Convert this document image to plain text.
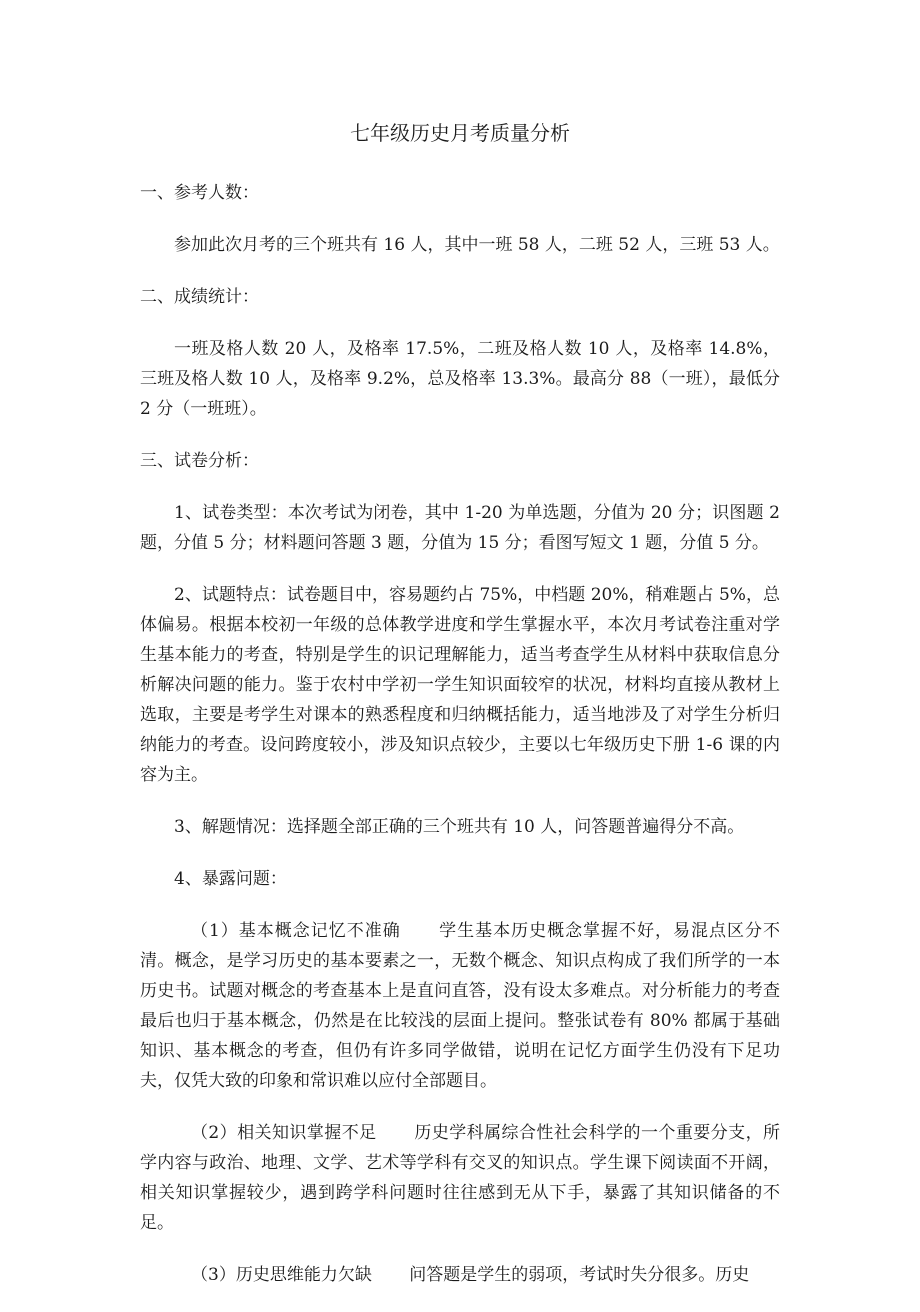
七年级历史月考质量分析
一、参考人数：

参加此次月考的三个班共有 16 人，其中一班 58 人，二班 52 人，三班 53 人。

二、成绩统计：

一班及格人数 20 人，及格率 17.5%，二班及格人数 10 人，及格率 14.8%，三班及格人数 10 人，及格率 9.2%，总及格率 13.3%。最高分 88（一班），最低分 2 分（一班班）。

三、试卷分析：

1、试卷类型：本次考试为闭卷，其中 1-20 为单选题，分值为 20 分；识图题 2 题，分值 5 分；材料题问答题 3 题，分值为 15 分；看图写短文 1 题，分值 5 分。

2、试题特点：试卷题目中，容易题约占 75%，中档题 20%，稍难题占 5%，总体偏易。根据本校初一年级的总体教学进度和学生掌握水平，本次月考试卷注重对学生基本能力的考查，特别是学生的识记理解能力，适当考查学生从材料中获取信息分析解决问题的能力。鉴于农村中学初一学生知识面较窄的状况，材料均直接从教材上选取，主要是考学生对课本的熟悉程度和归纳概括能力，适当地涉及了对学生分析归纳能力的考查。设问跨度较小，涉及知识点较少，主要以七年级历史下册 1-6 课的内容为主。

3、解题情况：选择题全部正确的三个班共有 10 人，问答题普遍得分不高。

4、暴露问题：

（1）基本概念记忆不准确 学生基本历史概念掌握不好，易混点区分不清。概念，是学习历史的基本要素之一，无数个概念、知识点构成了我们所学的一本历史书。试题对概念的考查基本上是直问直答，没有设太多难点。对分析能力的考查最后也归于基本概念，仍然是在比较浅的层面上提问。整张试卷有 80% 都属于基础知识、基本概念的考查，但仍有许多同学做错，说明在记忆方面学生仍没有下足功夫，仅凭大致的印象和常识难以应付全部题目。

（2）相关知识掌握不足 历史学科属综合性社会科学的一个重要分支，所学内容与政治、地理、文学、艺术等学科有交叉的知识点。学生课下阅读面不开阔，相关知识掌握较少，遇到跨学科问题时往往感到无从下手，暴露了其知识储备的不足。

（3）历史思维能力欠缺 问答题是学生的弱项，考试时失分很多。历史
